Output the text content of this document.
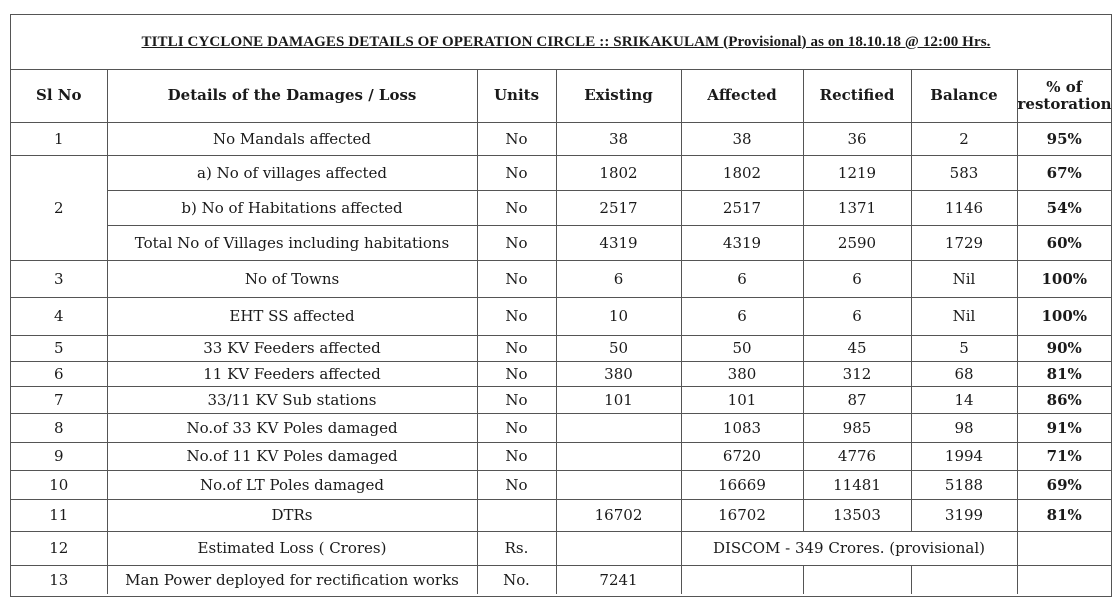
TITLI CYCLONE DAMAGES DETAILS OF OPERATION CIRCLE :: SRIKAKULAM (Provisional) as on 18.10.18 @ 12:00 Hrs.
Sl No	Details of the Damages / Loss	Units	Existing	Affected	Rectified	Balance	% of
restoration
1	No Mandals affected	No	38	38	36	2	95%
2	a) No of villages affected	No	1802	1802	1219	583	67%
	b) No of Habitations affected	No	2517	2517	1371	1146	54%
	Total No of Villages including habitations	No	4319	4319	2590	1729	60%
3	No of Towns	No	6	6	6	Nil	100%
4	EHT SS affected	No	10	6	6	Nil	100%
5	33 KV Feeders affected	No	50	50	45	5	90%
6	11 KV Feeders affected	No	380	380	312	68	81%
7	33/11 KV Sub stations	No	101	101	87	14	86%
8	No.of 33 KV Poles damaged	No		1083	985	98	91%
9	No.of 11 KV Poles damaged	No		6720	4776	1994	71%
10	No.of LT Poles damaged	No		16669	11481	5188	69%
11	DTRs		16702	16702	13503	3199	81%
12	Estimated Loss ( Crores)	Rs.		DISCOM - 349 Crores. (provisional)			
13	Man Power deployed for rectification works	No.	7241				
